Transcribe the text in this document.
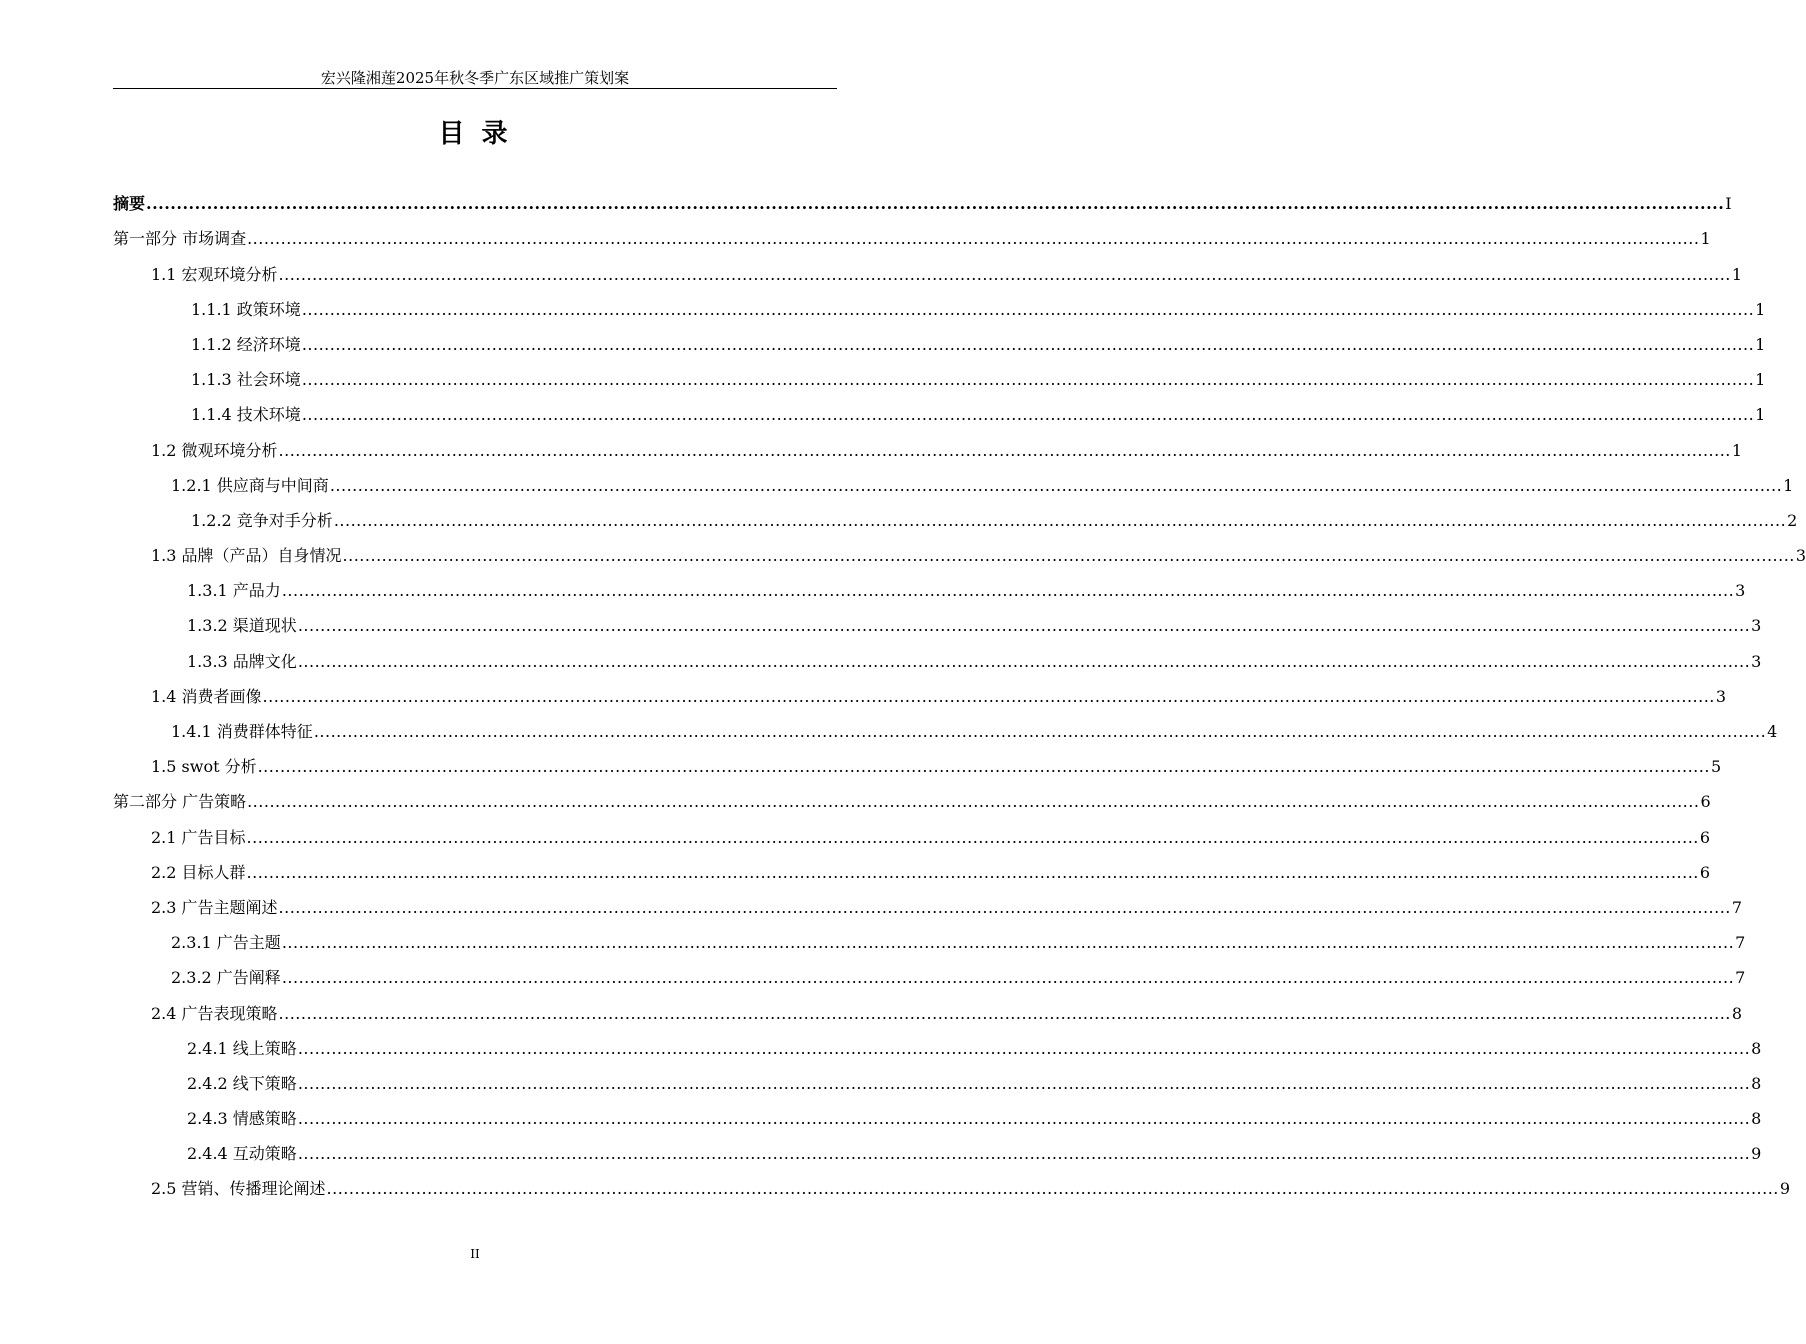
宏兴隆湘莲2025年秋冬季广东区域推广策划案
目 录
摘要 .................................................................................................................................................................................................................................................................... I
第一部分 市场调查 .................................................................................................................................................................................................................................................................... 1
1.1 宏观环境分析 .................................................................................................................................................................................................................................................................... 1
1.1.1 政策环境 .................................................................................................................................................................................................................................................................... 1
1.1.2 经济环境 .................................................................................................................................................................................................................................................................... 1
1.1.3 社会环境 .................................................................................................................................................................................................................................................................... 1
1.1.4 技术环境 .................................................................................................................................................................................................................................................................... 1
1.2 微观环境分析 .................................................................................................................................................................................................................................................................... 1
1.2.1 供应商与中间商 .................................................................................................................................................................................................................................................................... 1
1.2.2 竞争对手分析 .................................................................................................................................................................................................................................................................... 2
1.3 品牌（产品）自身情况 .................................................................................................................................................................................................................................................................... 3
1.3.1 产品力 .................................................................................................................................................................................................................................................................... 3
1.3.2 渠道现状 .................................................................................................................................................................................................................................................................... 3
1.3.3 品牌文化 .................................................................................................................................................................................................................................................................... 3
1.4 消费者画像 .................................................................................................................................................................................................................................................................... 3
1.4.1 消费群体特征 .................................................................................................................................................................................................................................................................... 4
1.5 swot 分析 .................................................................................................................................................................................................................................................................... 5
第二部分 广告策略 .................................................................................................................................................................................................................................................................... 6
2.1 广告目标 .................................................................................................................................................................................................................................................................... 6
2.2 目标人群 .................................................................................................................................................................................................................................................................... 6
2.3 广告主题阐述 .................................................................................................................................................................................................................................................................... 7
2.3.1 广告主题 .................................................................................................................................................................................................................................................................... 7
2.3.2 广告阐释 .................................................................................................................................................................................................................................................................... 7
2.4 广告表现策略 .................................................................................................................................................................................................................................................................... 8
2.4.1 线上策略 .................................................................................................................................................................................................................................................................... 8
2.4.2 线下策略 .................................................................................................................................................................................................................................................................... 8
2.4.3 情感策略 .................................................................................................................................................................................................................................................................... 8
2.4.4 互动策略 .................................................................................................................................................................................................................................................................... 9
2.5 营销、传播理论阐述 .................................................................................................................................................................................................................................................................... 9
II
